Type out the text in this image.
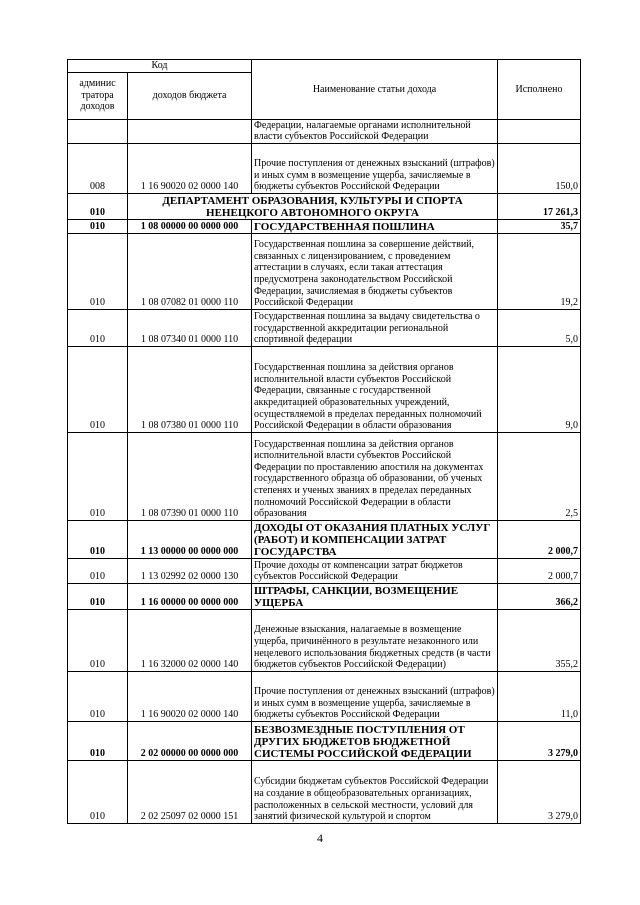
Код		Наименование статьи дохода	Исполнено
админис тратора доходов	доходов бюджета		
		Федерации, налагаемые органами исполнительной власти субъектов Российской Федерации	
008	1 16 90020 02 0000 140	Прочие поступления от денежных взысканий (штрафов) и иных сумм в возмещение ущерба, зачисляемые в бюджеты субъектов Российской Федерации	150,0
010	ДЕПАРТАМЕНТ ОБРАЗОВАНИЯ, КУЛЬТУРЫ И СПОРТА НЕНЕЦКОГО АВТОНОМНОГО ОКРУГА		17 261,3
010	1 08 00000 00 0000 000	ГОСУДАРСТВЕННАЯ ПОШЛИНА	35,7
010	1 08 07082 01 0000 110	Государственная пошлина за совершение действий, связанных с лицензированием, с проведением аттестации в случаях, если такая аттестация предусмотрена законодательством Российской Федерации, зачисляемая в бюджеты субъектов Российской Федерации	19,2
010	1 08 07340 01 0000 110	Государственная пошлина за выдачу свидетельства о государственной аккредитации региональной спортивной федерации	5,0
010	1 08 07380 01 0000 110	Государственная пошлина за действия органов исполнительной власти субъектов Российской Федерации, связанные с государственной аккредитацией образовательных учреждений, осуществляемой в пределах переданных полномочий Российской Федерации в области образования	9,0
010	1 08 07390 01 0000 110	Государственная пошлина за действия органов исполнительной власти субъектов Российской Федерации по проставлению апостиля на документах государственного образца об образовании, об ученых степенях и ученых званиях в пределах переданных полномочий Российской Федерации в области образования	2,5
010	1 13 00000 00 0000 000	ДОХОДЫ ОТ ОКАЗАНИЯ ПЛАТНЫХ УСЛУГ (РАБОТ) И КОМПЕНСАЦИИ ЗАТРАТ ГОСУДАРСТВА	2 000,7
010	1 13 02992 02 0000 130	Прочие доходы от компенсации затрат бюджетов субъектов Российской Федерации	2 000,7
010	1 16 00000 00 0000 000	ШТРАФЫ, САНКЦИИ, ВОЗМЕЩЕНИЕ УЩЕРБА	366,2
010	1 16 32000 02 0000 140	Денежные взыскания, налагаемые в возмещение ущерба, причинённого в результате незаконного или нецелевого использования бюджетных средств (в части бюджетов субъектов Российской Федерации)	355,2
010	1 16 90020 02 0000 140	Прочие поступления от денежных взысканий (штрафов) и иных сумм в возмещение ущерба, зачисляемые в бюджеты субъектов Российской Федерации	11,0
010	2 02 00000 00 0000 000	БЕЗВОЗМЕЗДНЫЕ ПОСТУПЛЕНИЯ ОТ ДРУГИХ БЮДЖЕТОВ БЮДЖЕТНОЙ СИСТЕМЫ РОССИЙСКОЙ ФЕДЕРАЦИИ	3 279,0
010	2 02 25097 02 0000 151	Субсидии бюджетам субъектов Российской Федерации на создание в общеобразовательных организациях, расположенных в сельской местности, условий для занятий физической культурой и спортом	3 279,0
4
